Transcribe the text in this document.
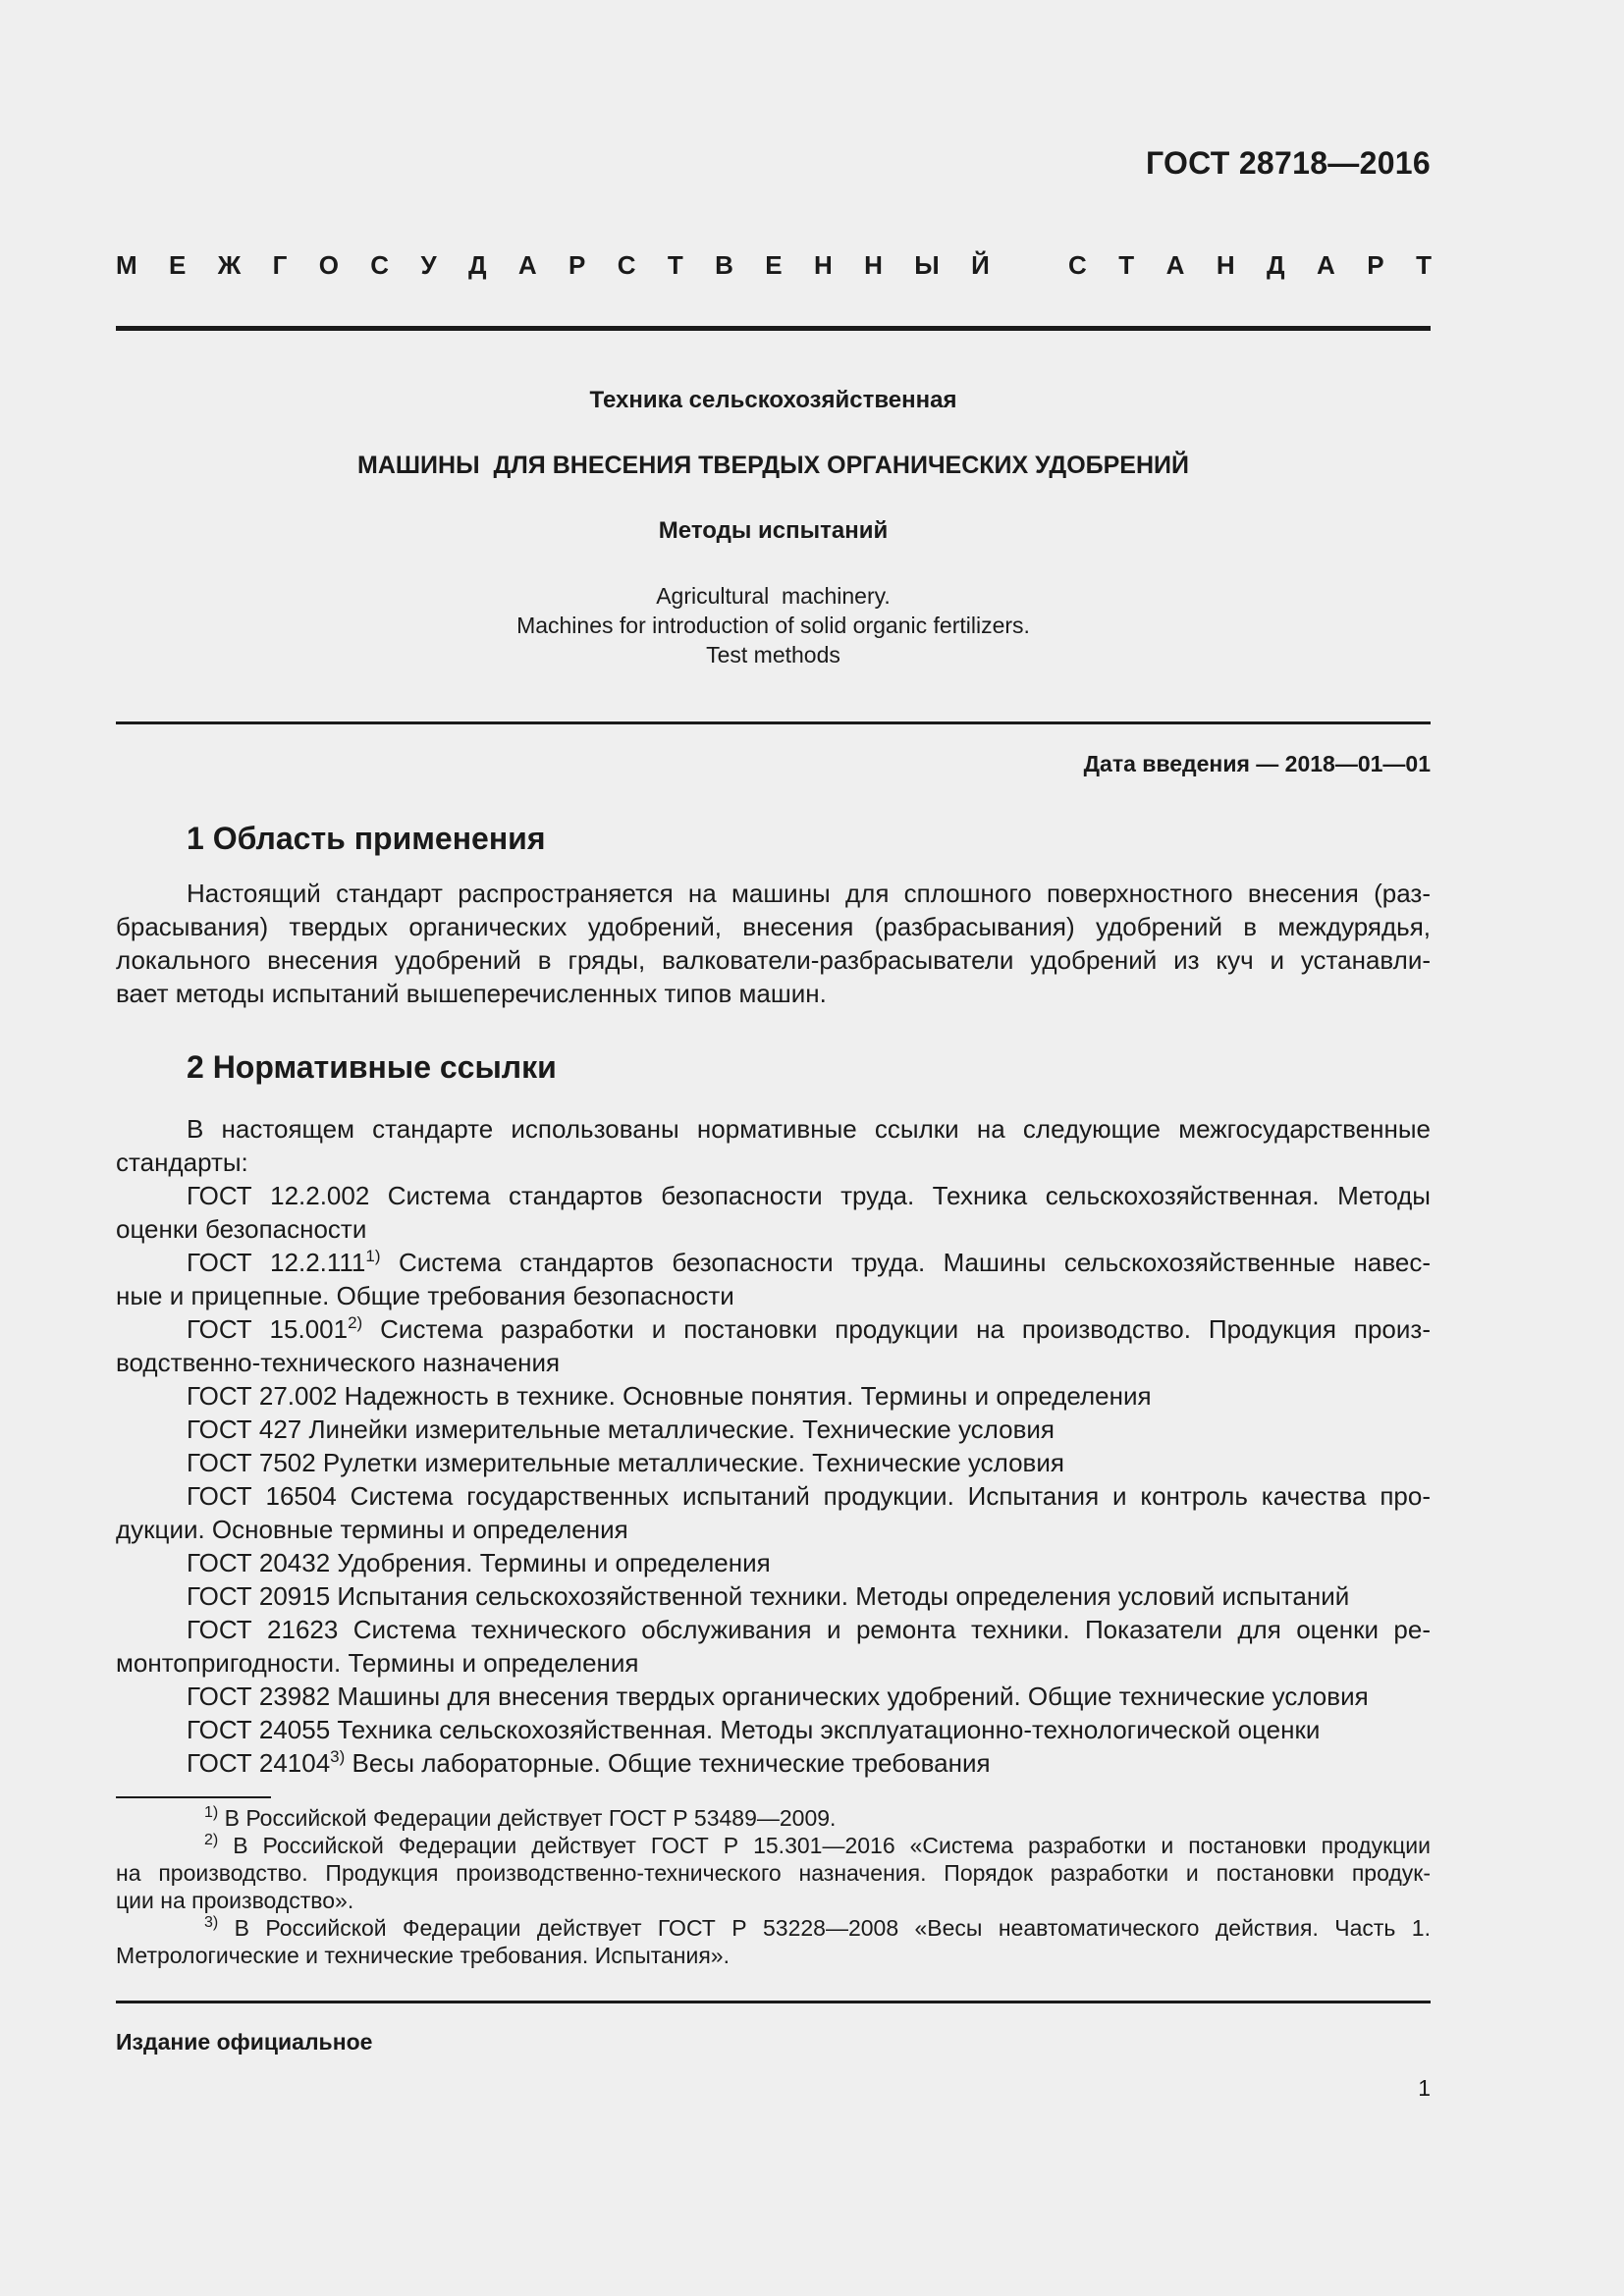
ГОСТ 28718—2016
М Е Ж Г О С У Д А Р С Т В Е Н Н Ы Й	С Т А Н Д А Р Т
Техника сельскохозяйственная
МАШИНЫ  ДЛЯ ВНЕСЕНИЯ ТВЕРДЫХ ОРГАНИЧЕСКИХ УДОБРЕНИЙ
Методы испытаний
Agricultural  machinery.
Machines for introduction of solid organic fertilizers.
Test methods
Дата введения — 2018—01—01
1 Область применения
Настоящий стандарт распространяется на машины для сплошного поверхностного внесения (раз-
брасывания) твердых органических удобрений, внесения (разбрасывания) удобрений в междурядья,
локального внесения удобрений в гряды, валкователи-разбрасыватели удобрений из куч и устанавли-
вает методы испытаний вышеперечисленных типов машин.
2 Нормативные ссылки
В настоящем стандарте использованы нормативные ссылки на следующие межгосударственные
стандарты:
ГОСТ 12.2.002 Система стандартов безопасности труда. Техника сельскохозяйственная. Методы
оценки безопасности
ГОСТ 12.2.111$^{1)}$ Система стандартов безопасности труда. Машины сельскохозяйственные навес-
ные и прицепные. Общие требования безопасности
ГОСТ 15.001$^{2)}$ Система разработки и постановки продукции на производство. Продукция произ-
водственно-технического назначения
ГОСТ 27.002 Надежность в технике. Основные понятия. Термины и определения
ГОСТ 427 Линейки измерительные металлические. Технические условия
ГОСТ 7502 Рулетки измерительные металлические. Технические условия
ГОСТ 16504 Система государственных испытаний продукции. Испытания и контроль качества про-
дукции. Основные термины и определения
ГОСТ 20432 Удобрения. Термины и определения
ГОСТ 20915 Испытания сельскохозяйственной техники. Методы определения условий испытаний
ГОСТ 21623 Система технического обслуживания и ремонта техники. Показатели для оценки ре-
монтопригодности. Термины и определения
ГОСТ 23982 Машины для внесения твердых органических удобрений. Общие технические условия
ГОСТ 24055 Техника сельскохозяйственная. Методы эксплуатационно-технологической оценки
ГОСТ 24104$^{3)}$ Весы лабораторные. Общие технические требования
$^{1)}$ В Российской Федерации действует ГОСТ Р 53489—2009.
$^{2)}$ В Российской Федерации действует ГОСТ Р 15.301—2016 «Система разработки и постановки продукции
на производство. Продукция производственно-технического назначения. Порядок разработки и постановки продук-
ции на производство».
$^{3)}$ В Российской Федерации действует ГОСТ Р 53228—2008 «Весы неавтоматического действия. Часть 1.
Метрологические и технические требования. Испытания».
Издание официальное
1
